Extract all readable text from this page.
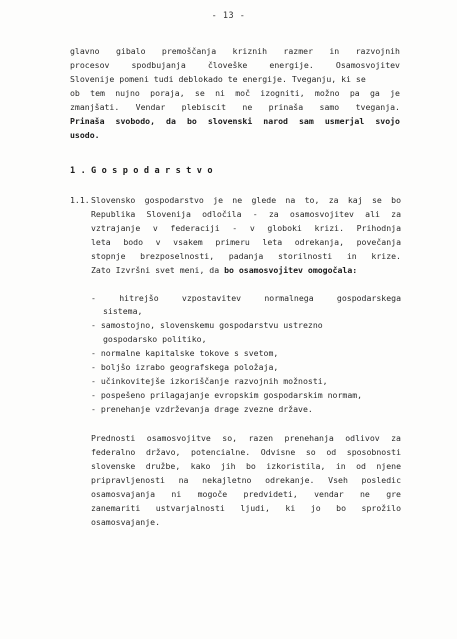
- 13 -
glavno gibalo premoščanja kriznih razmer in razvojnih
procesov spodbujanja človeške energije. Osamosvojitev
Slovenije pomeni tudi deblokado te energije. Tveganju, ki se
ob tem nujno poraja, se ni moč izogniti, možno pa ga je
zmanjšati. Vendar plebiscit ne prinaša samo tveganja.
Prinaša svobodo, da bo slovenski narod sam usmerjal svojo
usodo.
1. Gospodarstvo
1.1. Slovensko gospodarstvo je ne glede na to, za kaj se bo
Republika Slovenija odločila - za osamosvojitev ali za
vztrajanje v federaciji - v globoki krizi. Prihodnja
leta bodo v vsakem primeru leta odrekanja, povečanja
stopnje brezposelnosti, padanja storilnosti in krize.
Zato Izvršni svet meni, da bo osamosvojitev omogočala:
- hitrejšo vzpostavitev normalnega gospodarskega
sistema,
- samostojno, slovenskemu gospodarstvu ustrezno
gospodarsko politiko,
- normalne kapitalske tokove s svetom,
- boljšo izrabo geografskega položaja,
- učinkovitejše izkoriščanje razvojnih možnosti,
- pospešeno prilagajanje evropskim gospodarskim normam,
- prenehanje vzdrževanja drage zvezne države.
Prednosti osamosvojitve so, razen prenehanja odlivov za
federalno državo, potencialne. Odvisne so od sposobnosti
slovenske družbe, kako jih bo izkoristila, in od njene
pripravljenosti na nekajletno odrekanje. Vseh posledic
osamosvajanja ni mogoče predvideti, vendar ne gre
zanemariti ustvarjalnosti ljudi, ki jo bo sprožilo
osamosvajanje.
